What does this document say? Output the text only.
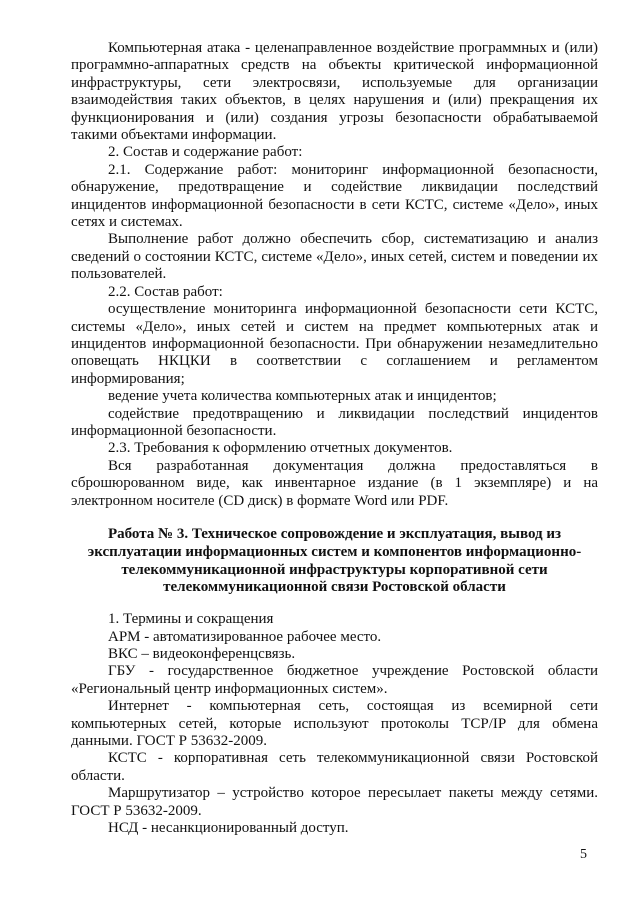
Компьютерная атака - целенаправленное воздействие программных и (или) программно-аппаратных средств на объекты критической информационной инфраструктуры, сети электросвязи, используемые для организации взаимодействия таких объектов, в целях нарушения и (или) прекращения их функционирования и (или) создания угрозы безопасности обрабатываемой такими объектами информации.

2. Состав и содержание работ:

2.1. Содержание работ: мониторинг информационной безопасности, обнаружение, предотвращение и содействие ликвидации последствий инцидентов информационной безопасности в сети КСТС, системе «Дело», иных сетях и системах.

Выполнение работ должно обеспечить сбор, систематизацию и анализ сведений о состоянии КСТС, системе «Дело», иных сетей, систем и поведении их пользователей.

2.2. Состав работ:

осуществление мониторинга информационной безопасности сети КСТС, системы «Дело», иных сетей и систем на предмет компьютерных атак и инцидентов информационной безопасности. При обнаружении незамедлительно оповещать НКЦКИ в соответствии с соглашением и регламентом информирования;

ведение учета количества компьютерных атак и инцидентов;

содействие предотвращению и ликвидации последствий инцидентов информационной безопасности.

2.3. Требования к оформлению отчетных документов.

Вся разработанная документация должна предоставляться в сброшюрованном виде, как инвентарное издание (в 1 экземпляре) и на электронном носителе (CD диск) в формате Word или PDF.

Работа № 3. Техническое сопровождение и эксплуатация, вывод из эксплуатации информационных систем и компонентов информационно-телекоммуникационной инфраструктуры корпоративной сети телекоммуникационной связи Ростовской области

1. Термины и сокращения

АРМ - автоматизированное рабочее место.

ВКС – видеоконференцсвязь.

ГБУ - государственное бюджетное учреждение Ростовской области «Региональный центр информационных систем».

Интернет - компьютерная сеть, состоящая из всемирной сети компьютерных сетей, которые используют протоколы TCP/IP для обмена данными. ГОСТ Р 53632-2009.

КСТС - корпоративная сеть телекоммуникационной связи Ростовской области.

Маршрутизатор – устройство которое пересылает пакеты между сетями. ГОСТ Р 53632-2009.

НСД - несанкционированный доступ.

5
